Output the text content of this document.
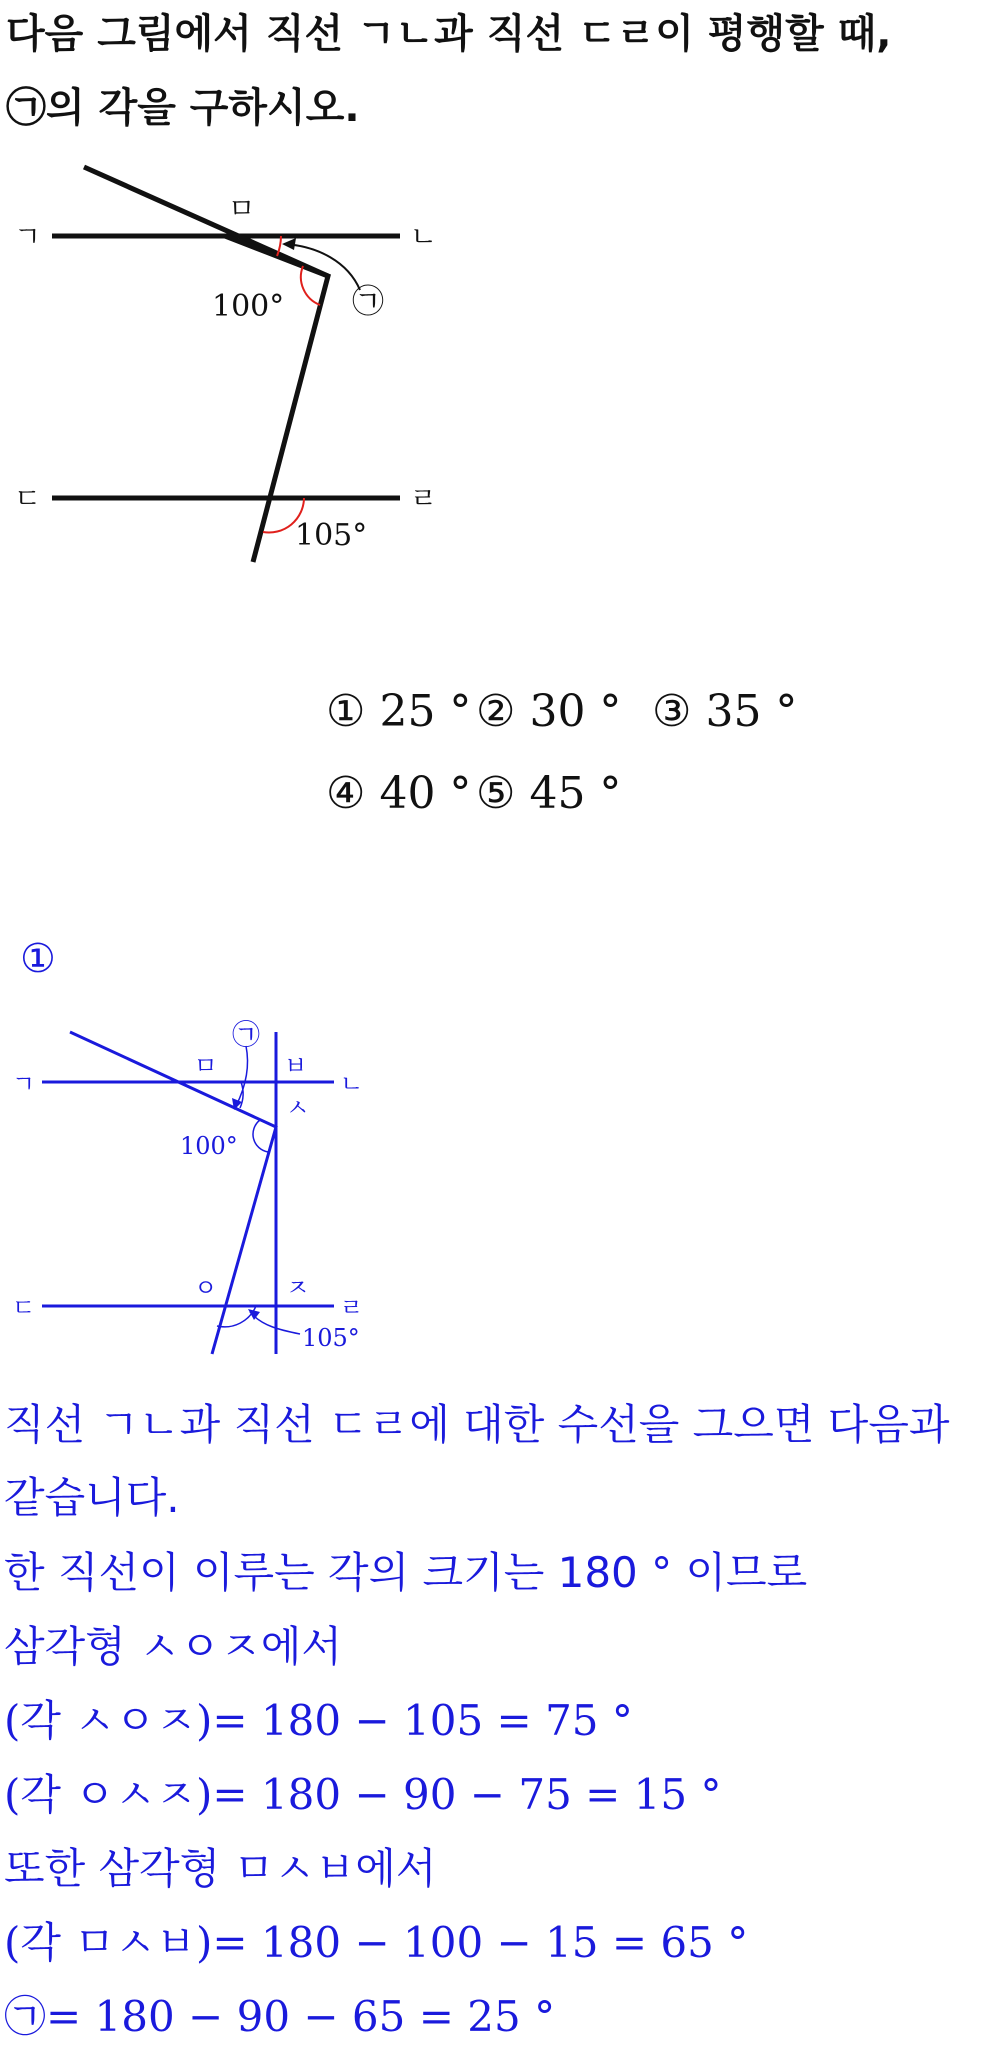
다음 그림에서 직선 ㄱㄴ과 직선 ㄷㄹ이 평행할 때,
㉠의 각을 구하시오.
ㄱ	ㄴ
ㄷ	ㄹ
ㅁ
㉠
100°
105°
① 25 ° ② 30 ° ③ 35 °
④ 40 ° ⑤ 45 °
①
ㄱ	ㄴ
ㄷ	ㄹ
ㅁ	ㅂ
ㅅ
ㅇ	ㅈ
㉠
100°
105°
직선 ㄱㄴ과 직선 ㄷㄹ에 대한 수선을 그으면 다음과
같습니다.
한 직선이 이루는 각의 크기는 180 ° 이므로
삼각형 ㅅㅇㅈ에서
(각 ㅅㅇㅈ)= 180 − 105 = 75 °
(각 ㅇㅅㅈ)= 180 − 90 − 75 = 15 °
또한 삼각형 ㅁㅅㅂ에서
(각 ㅁㅅㅂ)= 180 − 100 − 15 = 65 °
㉠= 180 − 90 − 65 = 25 °
